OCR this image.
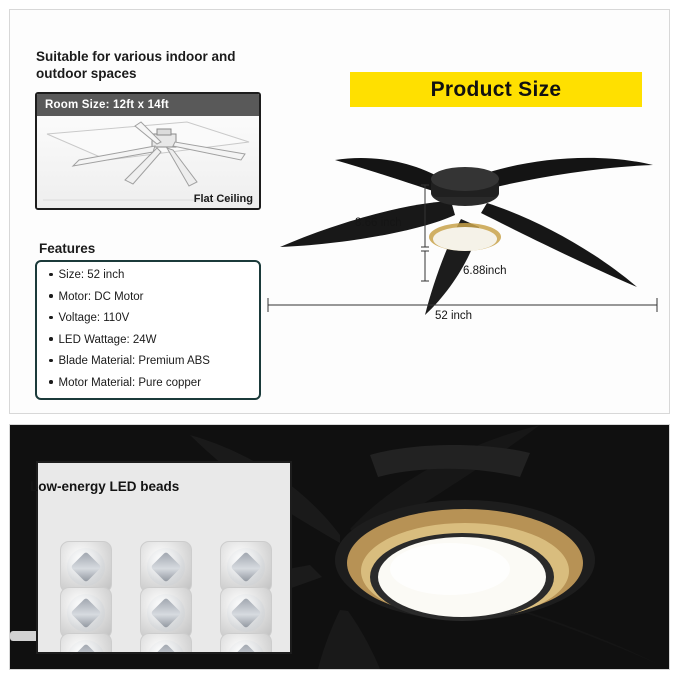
Suitable for various indoor and outdoor spaces
Room Size: 12ft x 14ft
Flat Ceiling
Features
Size: 52 inch
Motor: DC Motor
Voltage: 110V
LED Wattage: 24W
Blade Material: Premium ABS
Motor Material: Pure copper
Product Size
8.66 inch
6.88inch
52 inch
Low-energy LED beads
